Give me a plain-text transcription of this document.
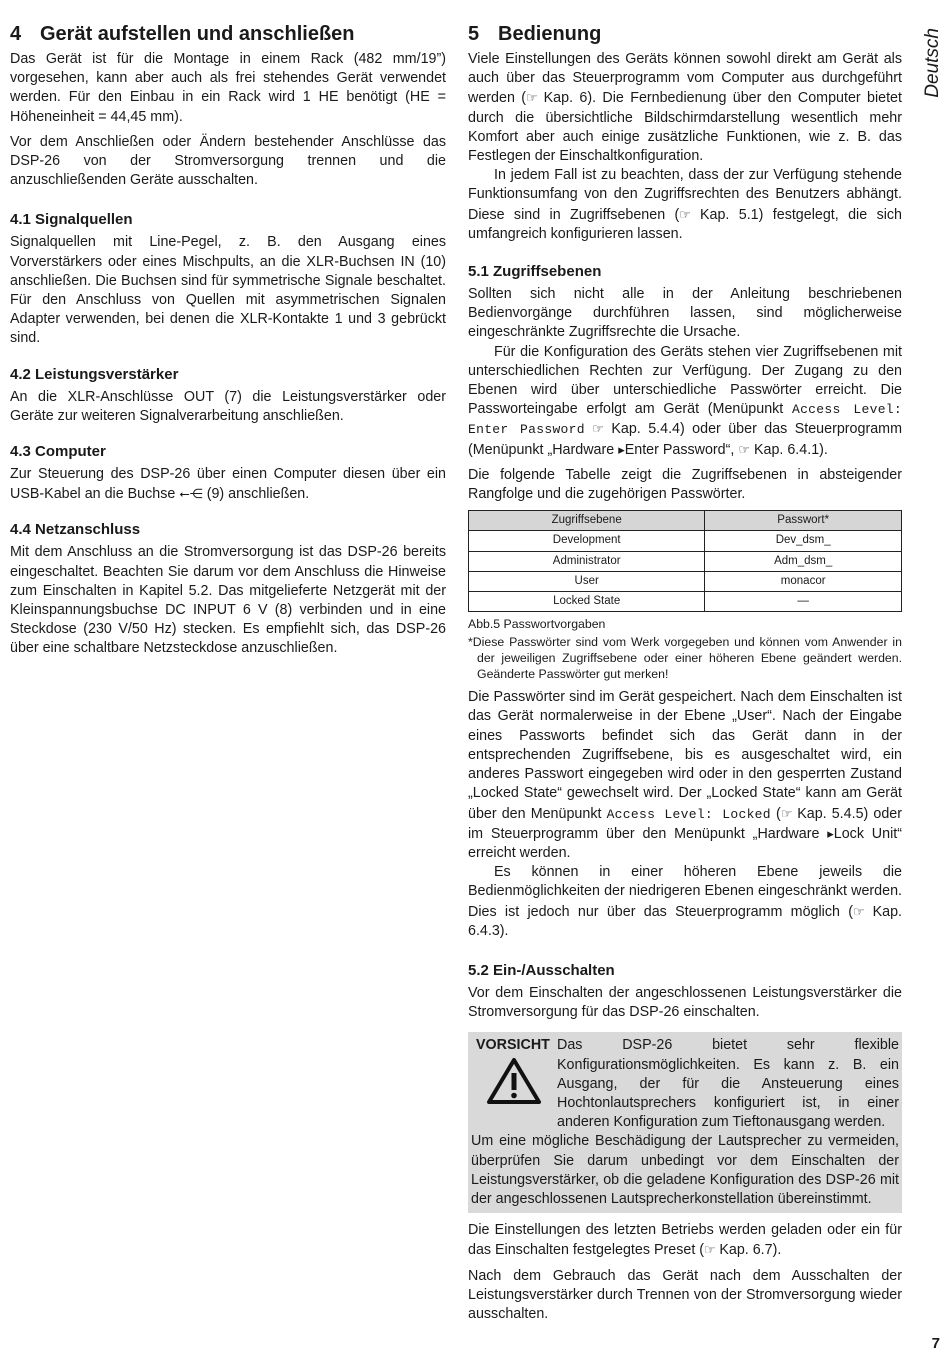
Deutsch
4 Gerät aufstellen und anschließen

Das Gerät ist für die Montage in einem Rack (482 mm/19”) vorgesehen, kann aber auch als frei stehendes Gerät verwendet werden. Für den Einbau in ein Rack wird 1 HE benötigt (HE = Höheneinheit = 44,45 mm).

Vor dem Anschließen oder Ändern bestehender Anschlüsse das DSP-26 von der Stromversorgung trennen und die anzuschließenden Geräte ausschalten.

4.1 Signalquellen

Signalquellen mit Line-Pegel, z. B. den Ausgang eines Vorverstärkers oder eines Mischpults, an die XLR-Buchsen IN (10) anschließen. Die Buchsen sind für symmetrische Signale beschaltet. Für den Anschluss von Quellen mit asymmetrischen Signalen Adapter verwenden, bei denen die XLR-Kontakte 1 und 3 gebrückt sind.

4.2 Leistungsverstärker

An die XLR-Anschlüsse OUT (7) die Leistungsverstärker oder Geräte zur weiteren Signalverarbeitung anschließen.

4.3 Computer

Zur Steuerung des DSP-26 über einen Computer diesen über ein USB-Kabel an die Buchse ⭠⋲ (9) anschließen.

4.4 Netzanschluss

Mit dem Anschluss an die Stromversorgung ist das DSP-26 bereits eingeschaltet. Beachten Sie darum vor dem Anschluss die Hinweise zum Einschalten in Kapitel 5.2. Das mitgelieferte Netzgerät mit der Kleinspannungsbuchse DC INPUT 6 V (8) verbinden und in eine Steckdose (230 V/50 Hz) stecken. Es empfiehlt sich, das DSP-26 über eine schaltbare Netzsteckdose anzuschließen.

5 Bedienung

Viele Einstellungen des Geräts können sowohl direkt am Gerät als auch über das Steuerprogramm vom Computer aus durchgeführt werden (☞ Kap. 6). Die Fernbedienung über den Computer bietet durch die übersichtliche Bildschirmdarstellung wesentlich mehr Komfort aber auch einige zusätzliche Funktionen, wie z. B. das Festlegen der Einschaltkonfiguration.

In jedem Fall ist zu beachten, dass der zur Verfügung stehende Funktionsumfang von den Zugriffsrechten des Benutzers abhängt. Diese sind in Zugriffsebenen (☞ Kap. 5.1) festgelegt, die sich umfangreich konfigurieren lassen.

5.1 Zugriffsebenen

Sollten sich nicht alle in der Anleitung beschriebenen Bedienvorgänge durchführen lassen, sind möglicherweise eingeschränkte Zugriffsrechte die Ursache.

Für die Konfiguration des Geräts stehen vier Zugriffsebenen mit unterschiedlichen Rechten zur Verfügung. Der Zugang zu den Ebenen wird über unterschiedliche Passwörter erreicht. Die Passworteingabe erfolgt am Gerät (Menüpunkt Access Level: Enter Password ☞ Kap. 5.4.4) oder über das Steuerprogramm (Menüpunkt „Hardware ▸Enter Password“, ☞ Kap. 6.4.1).

Die folgende Tabelle zeigt die Zugriffsebenen in absteigender Rangfolge und die zugehörigen Passwörter.

Zugriffsebene	Passwort*
Development	Dev_dsm_
Administrator	Adm_dsm_
User	monacor
Locked State	—
Abb.5 Passwortvorgaben
*Diese Passwörter sind vom Werk vorgegeben und können vom Anwender in der jeweiligen Zugriffsebene oder einer höheren Ebene geändert werden. Geänderte Passwörter gut merken!

Die Passwörter sind im Gerät gespeichert. Nach dem Einschalten ist das Gerät normalerweise in der Ebene „User“. Nach der Eingabe eines Passworts befindet sich das Gerät dann in der entsprechenden Zugriffsebene, bis es ausgeschaltet wird, ein anderes Passwort eingegeben wird oder in den gesperrten Zustand „Locked State“ gewechselt wird. Der „Locked State“ kann am Gerät über den Menüpunkt Access Level: Locked (☞ Kap. 5.4.5) oder im Steuerprogramm über den Menüpunkt „Hardware ▸Lock Unit“ erreicht werden.

Es können in einer höheren Ebene jeweils die Bedienmöglichkeiten der niedrigeren Ebenen eingeschränkt werden. Dies ist jedoch nur über das Steuerprogramm möglich (☞ Kap. 6.4.3).

5.2 Ein-/Ausschalten

Vor dem Einschalten der angeschlossenen Leistungsverstärker die Stromversorgung für das DSP-26 einschalten.

VORSICHT Das DSP-26 bietet sehr flexible Konfigurationsmöglichkeiten. Es kann z. B. ein Ausgang, der für die Ansteuerung eines Hochtonlautsprechers konfiguriert ist, in einer anderen Konfiguration zum Tieftonausgang werden.
Um eine mögliche Beschädigung der Lautsprecher zu vermeiden, überprüfen Sie darum unbedingt vor dem Einschalten der Leistungsverstärker, ob die geladene Konfiguration des DSP-26 mit der angeschlossenen Lautsprecherkonstellation übereinstimmt.

Die Einstellungen des letzten Betriebs werden geladen oder ein für das Einschalten festgelegtes Preset (☞ Kap. 6.7).

Nach dem Gebrauch das Gerät nach dem Ausschalten der Leistungsverstärker durch Trennen von der Stromversorgung wieder ausschalten.

7
